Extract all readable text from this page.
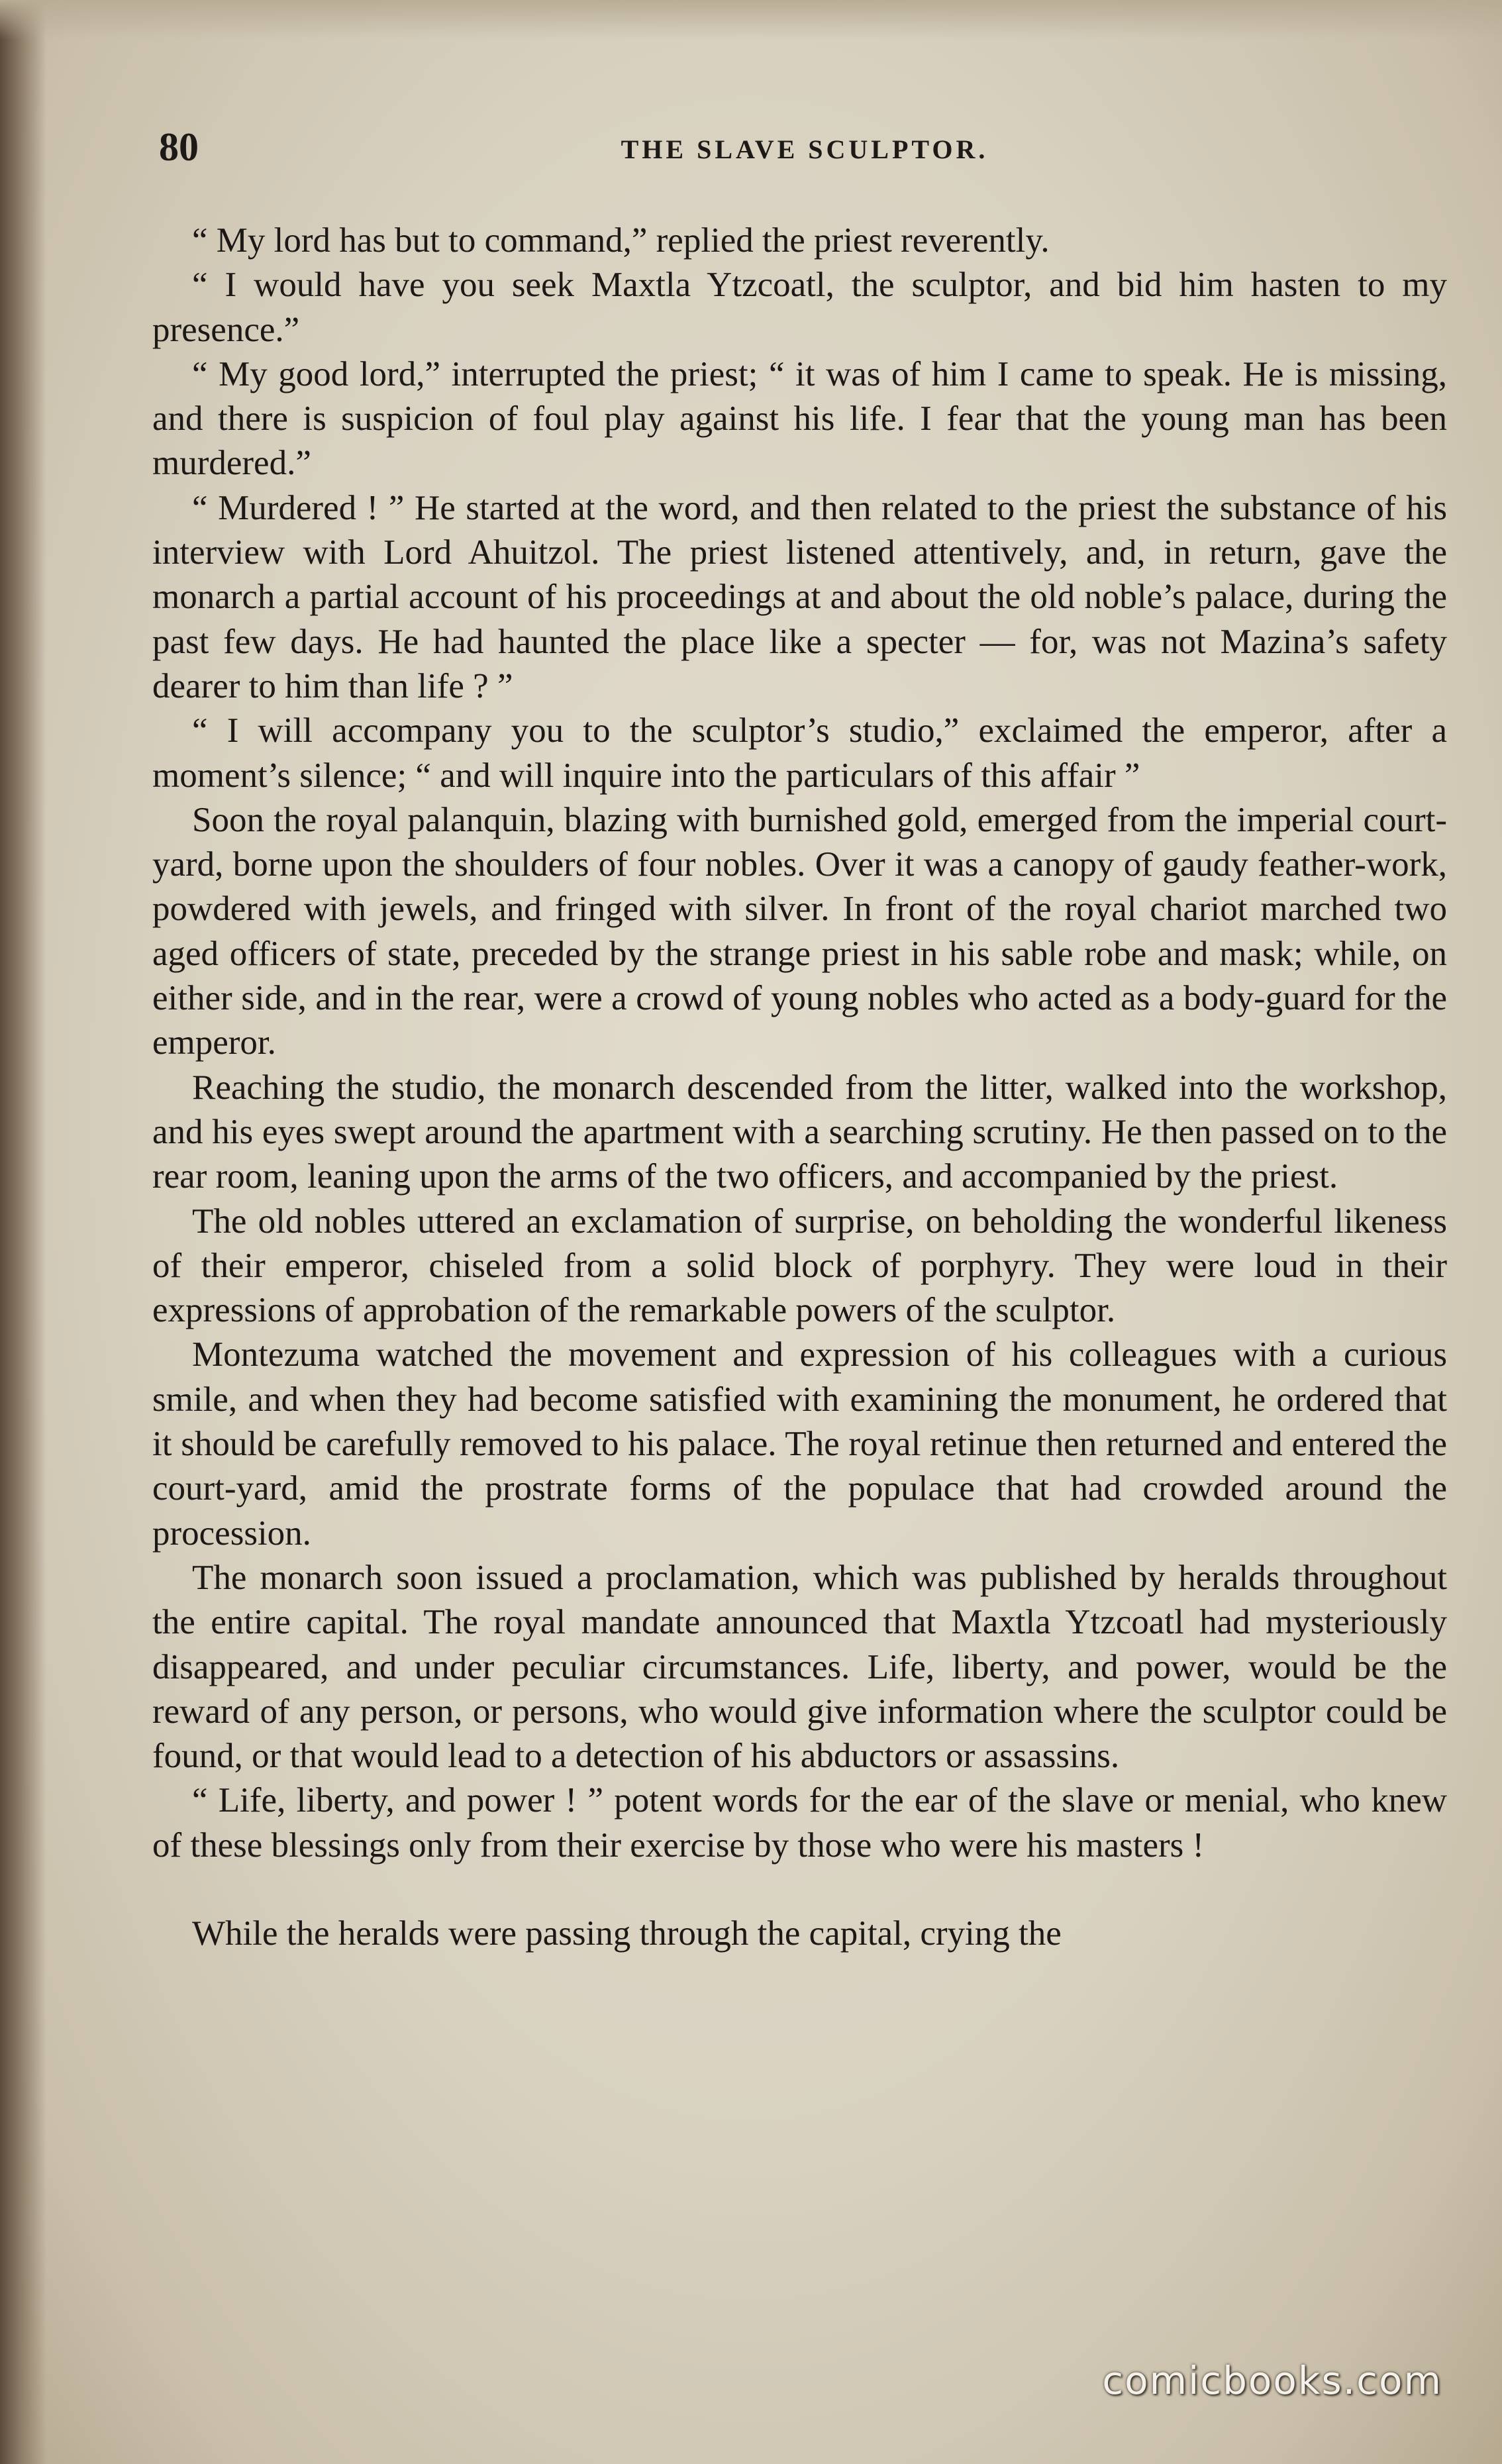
80	THE SLAVE SCULPTOR.

“ My lord has but to command,” replied the priest reverently.

“ I would have you seek Maxtla Ytzcoatl, the sculptor, and bid him hasten to my presence.”

“ My good lord,” interrupted the priest; “ it was of him I came to speak. He is missing, and there is suspicion of foul play against his life. I fear that the young man has been murdered.”

“ Murdered ! ” He started at the word, and then related to the priest the substance of his interview with Lord Ahuitzol. The priest listened attentively, and, in return, gave the monarch a partial account of his proceedings at and about the old noble’s palace, during the past few days. He had haunted the place like a specter — for, was not Mazina’s safety dearer to him than life ? ”

“ I will accompany you to the sculptor’s studio,” exclaimed the emperor, after a moment’s silence; “ and will inquire into the particulars of this affair ”

Soon the royal palanquin, blazing with burnished gold, emerged from the imperial court-yard, borne upon the shoulders of four nobles. Over it was a canopy of gaudy feather-work, powdered with jewels, and fringed with silver. In front of the royal chariot marched two aged officers of state, preceded by the strange priest in his sable robe and mask; while, on either side, and in the rear, were a crowd of young nobles who acted as a body-guard for the emperor.

Reaching the studio, the monarch descended from the litter, walked into the workshop, and his eyes swept around the apartment with a searching scrutiny. He then passed on to the rear room, leaning upon the arms of the two officers, and accompanied by the priest.

The old nobles uttered an exclamation of surprise, on beholding the wonderful likeness of their emperor, chiseled from a solid block of porphyry. They were loud in their expressions of approbation of the remarkable powers of the sculptor.

Montezuma watched the movement and expression of his colleagues with a curious smile, and when they had become satisfied with examining the monument, he ordered that it should be carefully removed to his palace. The royal retinue then returned and entered the court-yard, amid the prostrate forms of the populace that had crowded around the procession.

The monarch soon issued a proclamation, which was published by heralds throughout the entire capital. The royal mandate announced that Maxtla Ytzcoatl had mysteriously disappeared, and under peculiar circumstances. Life, liberty, and power, would be the reward of any person, or persons, who would give information where the sculptor could be found, or that would lead to a detection of his abductors or assassins.

“ Life, liberty, and power ! ” potent words for the ear of the slave or menial, who knew of these blessings only from their exercise by those who were his masters !

While the heralds were passing through the capital, crying the

comicbooks.com
